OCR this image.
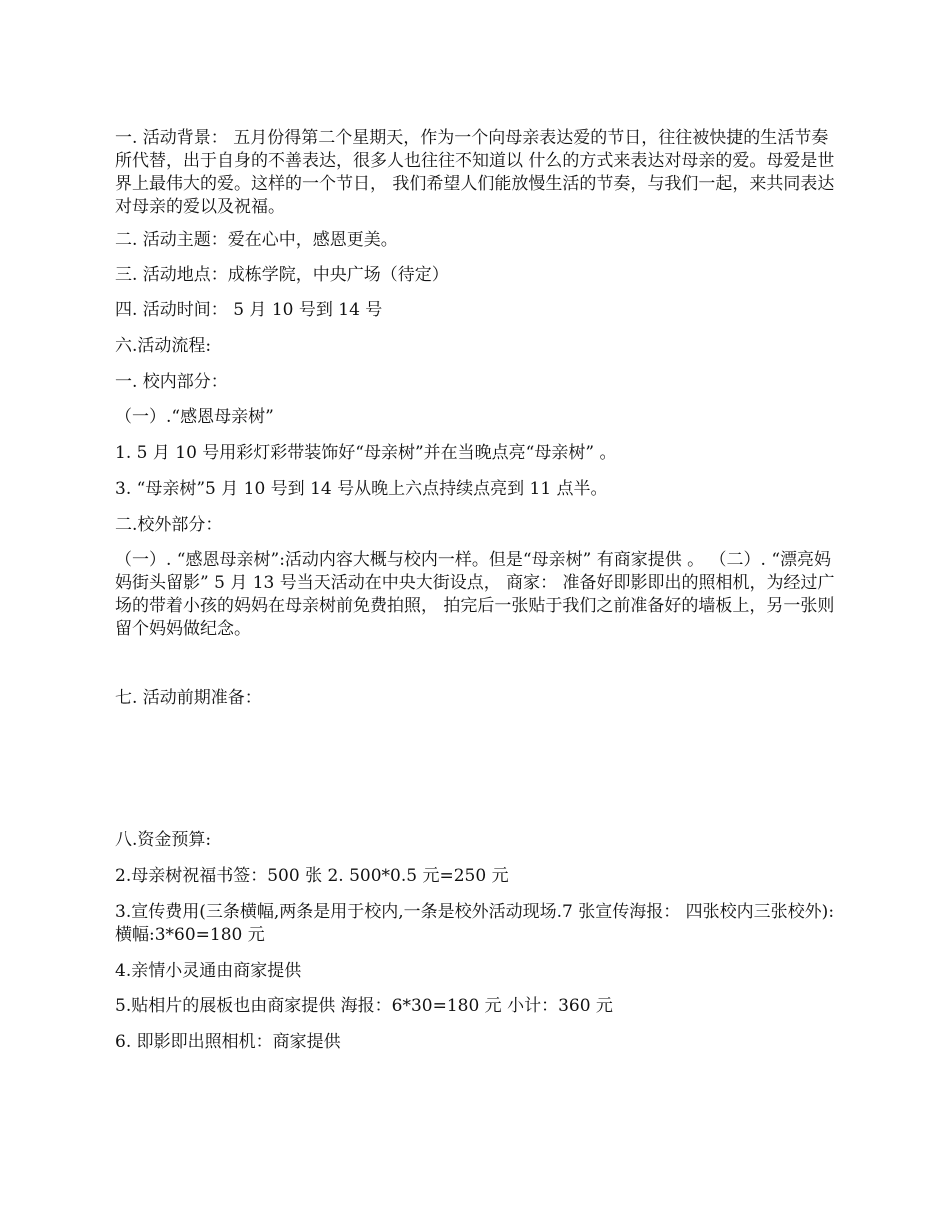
一. 活动背景： 五月份得第二个星期天，作为一个向母亲表达爱的节日，往往被快捷的生活节奏所代替，出于自身的不善表达，很多人也往往不知道以 什么的方式来表达对母亲的爱。母爱是世界上最伟大的爱。这样的一个节日， 我们希望人们能放慢生活的节奏，与我们一起，来共同表达对母亲的爱以及祝福。

二. 活动主题：爱在心中，感恩更美。

三. 活动地点：成栋学院，中央广场（待定）

四. 活动时间： 5 月 10 号到 14 号

六.活动流程:

一. 校内部分：

（一）.“感恩母亲树”

1. 5 月 10 号用彩灯彩带装饰好“母亲树”并在当晚点亮“母亲树” 。

3. “母亲树”5 月 10 号到 14 号从晚上六点持续点亮到 11 点半。

二.校外部分：

（一）. “感恩母亲树”:活动内容大概与校内一样。但是“母亲树” 有商家提供 。 （二）. “漂亮妈妈街头留影” 5 月 13 号当天活动在中央大街设点， 商家： 准备好即影即出的照相机，为经过广场的带着小孩的妈妈在母亲树前免费拍照， 拍完后一张贴于我们之前准备好的墙板上，另一张则留个妈妈做纪念。

七. 活动前期准备：

八.资金预算:

2.母亲树祝福书签：500 张 2. 500*0.5 元=250 元

3.宣传费用(三条横幅,两条是用于校内,一条是校外活动现场.7 张宣传海报： 四张校内三张校外):横幅:3*60=180 元

4.亲情小灵通由商家提供

5.贴相片的展板也由商家提供 海报：6*30=180 元 小计：360 元

6. 即影即出照相机：商家提供
